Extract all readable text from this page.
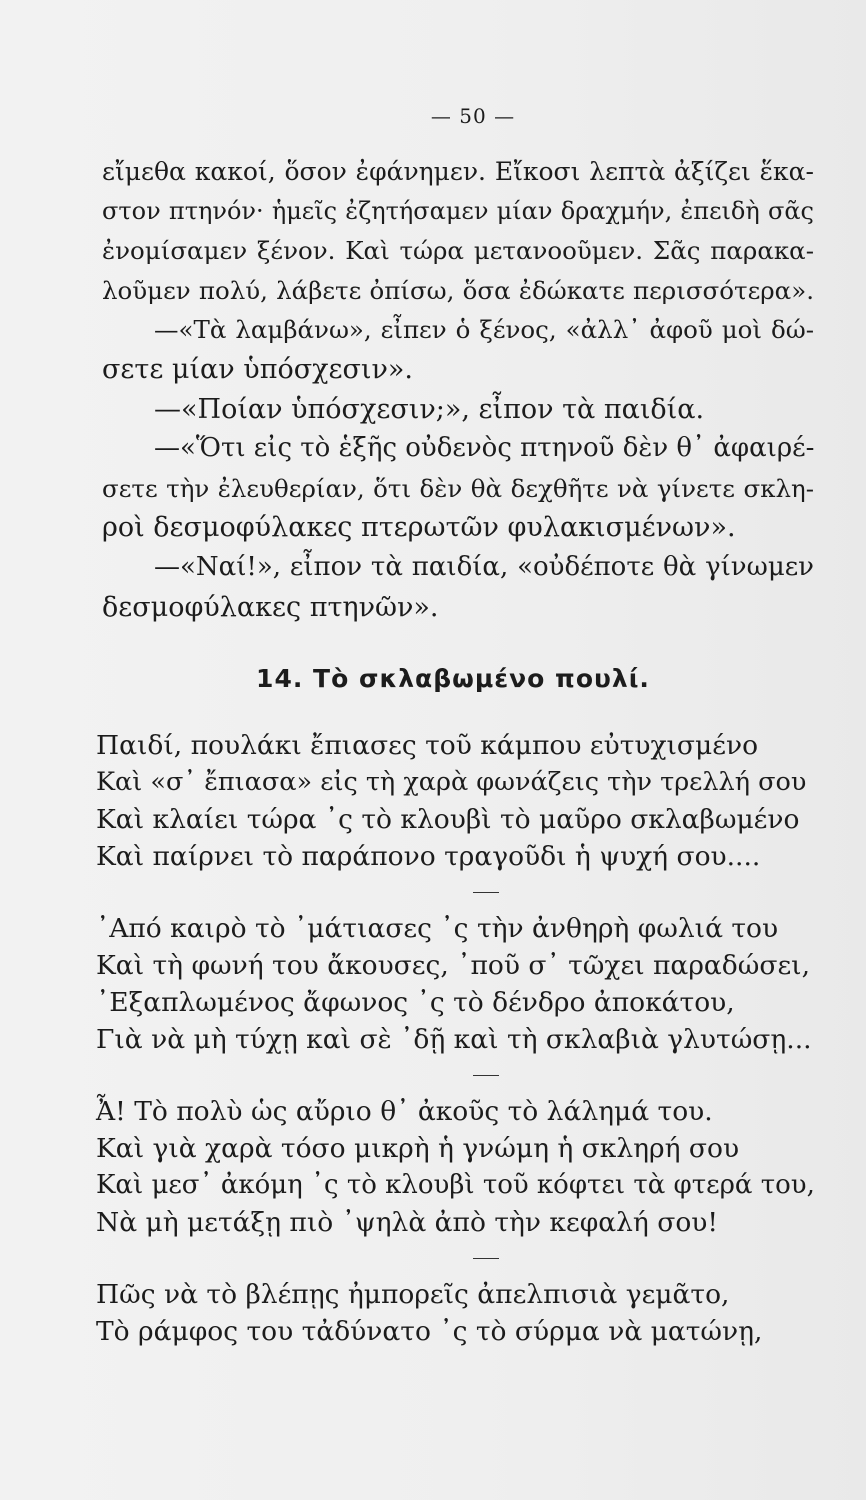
— 50 —
εἴμεθα κακοί, ὅσον ἐφάνημεν. Εἴκοσι λεπτὰ ἀξίζει ἕκα-
στον πτηνόν· ἡμεῖς ἐζητήσαμεν μίαν δραχμήν, ἐπειδὴ σᾶς
ἐνομίσαμεν ξένον. Καὶ τώρα μετανοοῦμεν. Σᾶς παρακα-
λοῦμεν πολύ, λάβετε ὀπίσω, ὅσα ἐδώκατε περισσότερα».
—«Τὰ λαμβάνω», εἶπεν ὁ ξένος, «ἀλλ᾽ ἀφοῦ μοὶ δώ-
σετε μίαν ὑπόσχεσιν».
—«Ποίαν ὑπόσχεσιν;», εἶπον τὰ παιδία.
—«Ὅτι εἰς τὸ ἑξῆς οὐδενὸς πτηνοῦ δὲν θ᾽ ἀφαιρέ-
σετε τὴν ἐλευθερίαν, ὅτι δὲν θὰ δεχθῆτε νὰ γίνετε σκλη-
ροὶ δεσμοφύλακες πτερωτῶν φυλακισμένων».
—«Ναί!», εἶπον τὰ παιδία, «οὐδέποτε θὰ γίνωμεν
δεσμοφύλακες πτηνῶν».
14. Τὸ σκλαβωμένο πουλί.
Παιδί, πουλάκι ἔπιασες τοῦ κάμπου εὐτυχισμένο
Καὶ «σ᾽ ἔπιασα» εἰς τὴ χαρὰ φωνάζεις τὴν τρελλή σου
Καὶ κλαίει τώρα ᾽ς τὸ κλουβὶ τὸ μαῦρο σκλαβωμένο
Καὶ παίρνει τὸ παράπονο τραγοῦδι ἡ ψυχή σου....
᾽Από καιρὸ τὸ ᾽μάτιασες ᾽ς τὴν ἀνθηρὴ φωλιά του
Καὶ τὴ φωνή του ἄκουσες, ᾽ποῦ σ᾽ τῶχει παραδώσει,
᾽Εξαπλωμένος ἄφωνος ᾽ς τὸ δένδρο ἀποκάτου,
Γιὰ νὰ μὴ τύχῃ καὶ σὲ ᾽δῇ καὶ τὴ σκλαβιὰ γλυτώσῃ...
Ἆ! Τὸ πολὺ ὡς αὔριο θ᾽ ἀκοῦς τὸ λάλημά του.
Καὶ γιὰ χαρὰ τόσο μικρὴ ἡ γνώμη ἡ σκληρή σου
Καὶ μεσ᾽ ἀκόμη ᾽ς τὸ κλουβὶ τοῦ κόφτει τὰ φτερά του,
Νὰ μὴ μετάξῃ πιὸ ᾽ψηλὰ ἀπὸ τὴν κεφαλή σου!
Πῶς νὰ τὸ βλέπῃς ἠμπορεῖς ἀπελπισιὰ γεμᾶτο,
Τὸ ράμφος του τἀδύνατο ᾽ς τὸ σύρμα νὰ ματώνῃ,
